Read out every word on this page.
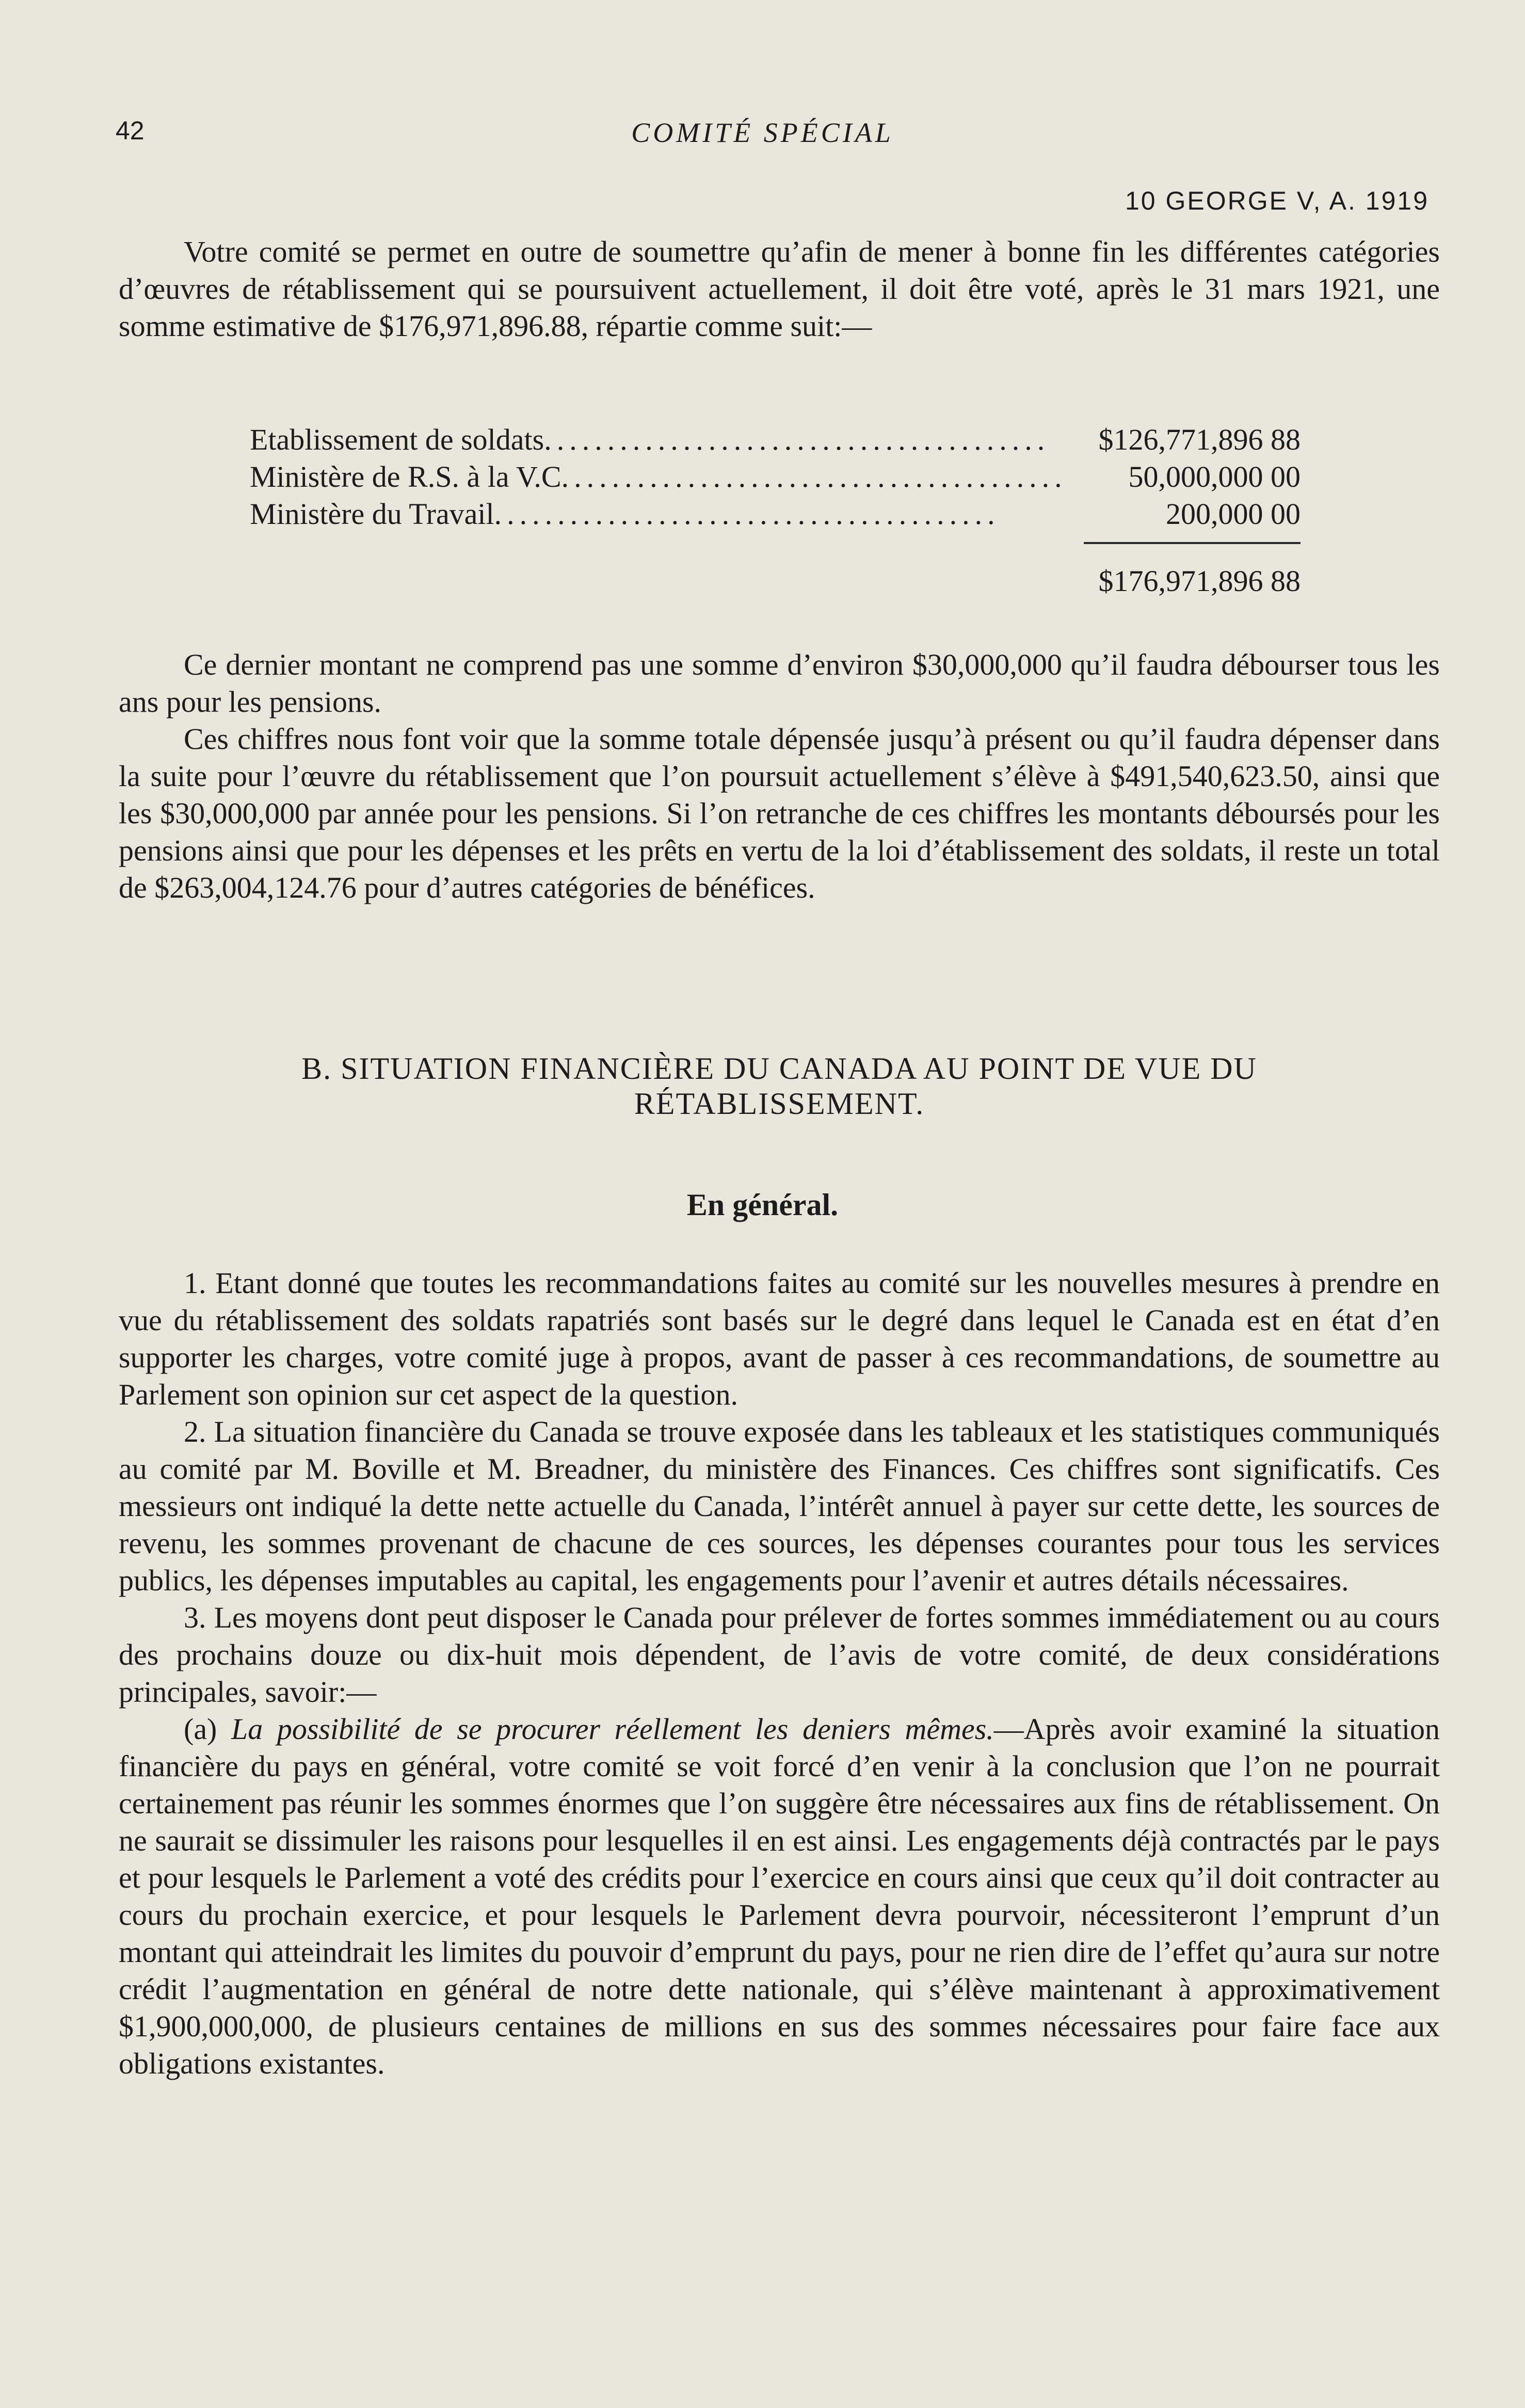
42	COMITÉ SPÉCIAL
10 GEORGE V, A. 1919

Votre comité se permet en outre de soumettre qu’afin de mener à bonne fin les différentes catégories d’œuvres de rétablissement qui se poursuivent actuellement, il doit être voté, après le 31 mars 1921, une somme estimative de $176,971,896.88, répartie comme suit:—

Etablissement de soldats ........................................	$126,771,896 88
Ministère de R.S. à la V.C ........................................	50,000,000 00
Ministère du Travail ........................................	200,000 00
$176,971,896 88

Ce dernier montant ne comprend pas une somme d’environ $30,000,000 qu’il faudra débourser tous les ans pour les pensions.

Ces chiffres nous font voir que la somme totale dépensée jusqu’à présent ou qu’il faudra dépenser dans la suite pour l’œuvre du rétablissement que l’on poursuit actuellement s’élève à $491,540,623.50, ainsi que les $30,000,000 par année pour les pensions. Si l’on retranche de ces chiffres les montants déboursés pour les pensions ainsi que pour les dépenses et les prêts en vertu de la loi d’établissement des soldats, il reste un total de $263,004,124.76 pour d’autres catégories de bénéfices.

B. SITUATION FINANCIÈRE DU CANADA AU POINT DE VUE DU
RÉTABLISSEMENT.
En général.

1. Etant donné que toutes les recommandations faites au comité sur les nouvelles mesures à prendre en vue du rétablissement des soldats rapatriés sont basés sur le degré dans lequel le Canada est en état d’en supporter les charges, votre comité juge à propos, avant de passer à ces recommandations, de soumettre au Parlement son opinion sur cet aspect de la question.

2. La situation financière du Canada se trouve exposée dans les tableaux et les statistiques communiqués au comité par M. Boville et M. Breadner, du ministère des Finances. Ces chiffres sont significatifs. Ces messieurs ont indiqué la dette nette actuelle du Canada, l’intérêt annuel à payer sur cette dette, les sources de revenu, les sommes provenant de chacune de ces sources, les dépenses courantes pour tous les services publics, les dépenses imputables au capital, les engagements pour l’avenir et autres détails nécessaires.

3. Les moyens dont peut disposer le Canada pour prélever de fortes sommes immédiatement ou au cours des prochains douze ou dix-huit mois dépendent, de l’avis de votre comité, de deux considérations principales, savoir:—

(a) La possibilité de se procurer réellement les deniers mêmes.—Après avoir examiné la situation financière du pays en général, votre comité se voit forcé d’en venir à la conclusion que l’on ne pourrait certainement pas réunir les sommes énormes que l’on suggère être nécessaires aux fins de rétablissement. On ne saurait se dissimuler les raisons pour lesquelles il en est ainsi. Les engagements déjà contractés par le pays et pour lesquels le Parlement a voté des crédits pour l’exercice en cours ainsi que ceux qu’il doit contracter au cours du prochain exercice, et pour lesquels le Parlement devra pourvoir, nécessiteront l’emprunt d’un montant qui atteindrait les limites du pouvoir d’emprunt du pays, pour ne rien dire de l’effet qu’aura sur notre crédit l’augmentation en général de notre dette nationale, qui s’élève maintenant à approximativement $1,900,000,000, de plusieurs centaines de millions en sus des sommes nécessaires pour faire face aux obligations existantes.
